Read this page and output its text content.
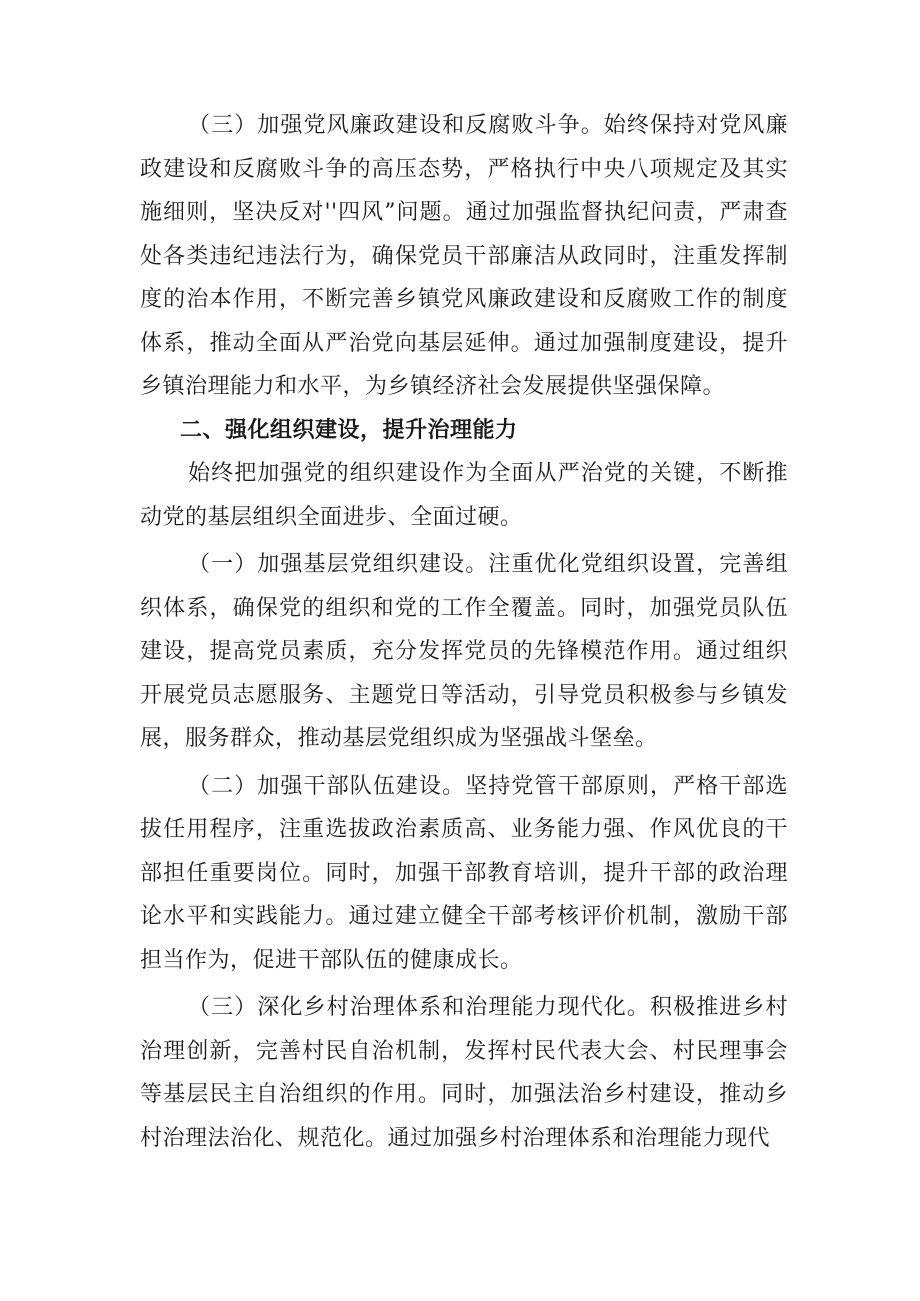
（三）加强党风廉政建设和反腐败斗争。始终保持对党风廉政建设和反腐败斗争的高压态势，严格执行中央八项规定及其实施细则，坚决反对''四风”问题。通过加强监督执纪问责，严肃查处各类违纪违法行为，确保党员干部廉洁从政同时，注重发挥制度的治本作用，不断完善乡镇党风廉政建设和反腐败工作的制度体系，推动全面从严治党向基层延伸。通过加强制度建设，提升乡镇治理能力和水平，为乡镇经济社会发展提供坚强保障。

二、强化组织建设，提升治理能力

始终把加强党的组织建设作为全面从严治党的关键，不断推动党的基层组织全面进步、全面过硬。

（一）加强基层党组织建设。注重优化党组织设置，完善组织体系，确保党的组织和党的工作全覆盖。同时，加强党员队伍建设，提高党员素质，充分发挥党员的先锋模范作用。通过组织开展党员志愿服务、主题党日等活动，引导党员积极参与乡镇发展，服务群众，推动基层党组织成为坚强战斗堡垒。

（二）加强干部队伍建设。坚持党管干部原则，严格干部选拔任用程序，注重选拔政治素质高、业务能力强、作风优良的干部担任重要岗位。同时，加强干部教育培训，提升干部的政治理论水平和实践能力。通过建立健全干部考核评价机制，激励干部担当作为，促进干部队伍的健康成长。

（三）深化乡村治理体系和治理能力现代化。积极推进乡村治理创新，完善村民自治机制，发挥村民代表大会、村民理事会等基层民主自治组织的作用。同时，加强法治乡村建设，推动乡村治理法治化、规范化。通过加强乡村治理体系和治理能力现代
